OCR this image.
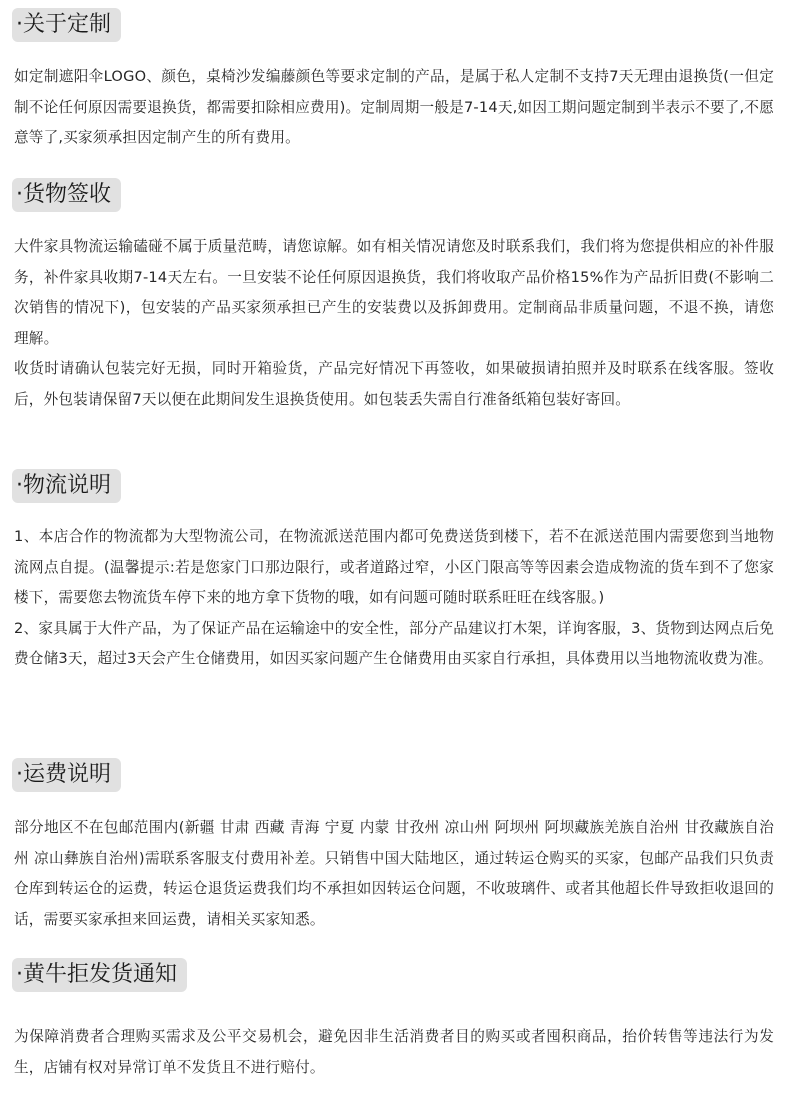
·关于定制

如定制遮阳伞LOGO、颜色，桌椅沙发编藤颜色等要求定制的产品，是属于私人定制不支持7天无理由退换货(一但定制不论任何原因需要退换货，都需要扣除相应费用)。定制周期一般是7-14天,如因工期问题定制到半表示不要了,不愿意等了,买家须承担因定制产生的所有费用。

·货物签收

大件家具物流运输磕碰不属于质量范畴，请您谅解。如有相关情况请您及时联系我们，我们将为您提供相应的补件服务，补件家具收期7-14天左右。一旦安装不论任何原因退换货，我们将收取产品价格15%作为产品折旧费(不影响二次销售的情况下)，包安装的产品买家须承担已产生的安装费以及拆卸费用。定制商品非质量问题，不退不换，请您理解。

收货时请确认包装完好无损，同时开箱验货，产品完好情况下再签收，如果破损请拍照并及时联系在线客服。签收后，外包装请保留7天以便在此期间发生退换货使用。如包装丢失需自行准备纸箱包装好寄回。

·物流说明

1、本店合作的物流都为大型物流公司，在物流派送范围内都可免费送货到楼下，若不在派送范围内需要您到当地物流网点自提。(温馨提示:若是您家门口那边限行，或者道路过窄，小区门限高等等因素会造成物流的货车到不了您家楼下，需要您去物流货车停下来的地方拿下货物的哦，如有问题可随时联系旺旺在线客服。)

2、家具属于大件产品，为了保证产品在运输途中的安全性，部分产品建议打木架，详询客服，3、货物到达网点后免费仓储3天，超过3天会产生仓储费用，如因买家问题产生仓储费用由买家自行承担，具体费用以当地物流收费为准。

·运费说明

部分地区不在包邮范围内(新疆 甘肃 西藏 青海 宁夏 内蒙 甘孜州 凉山州 阿坝州 阿坝藏族羌族自治州 甘孜藏族自治州 凉山彝族自治州)需联系客服支付费用补差。只销售中国大陆地区，通过转运仓购买的买家，包邮产品我们只负责仓库到转运仓的运费，转运仓退货运费我们均不承担如因转运仓问题，不收玻璃件、或者其他超长件导致拒收退回的话，需要买家承担来回运费，请相关买家知悉。

·黄牛拒发货通知

为保障消费者合理购买需求及公平交易机会，避免因非生活消费者目的购买或者囤积商品，抬价转售等违法行为发生，店铺有权对异常订单不发货且不进行赔付。
